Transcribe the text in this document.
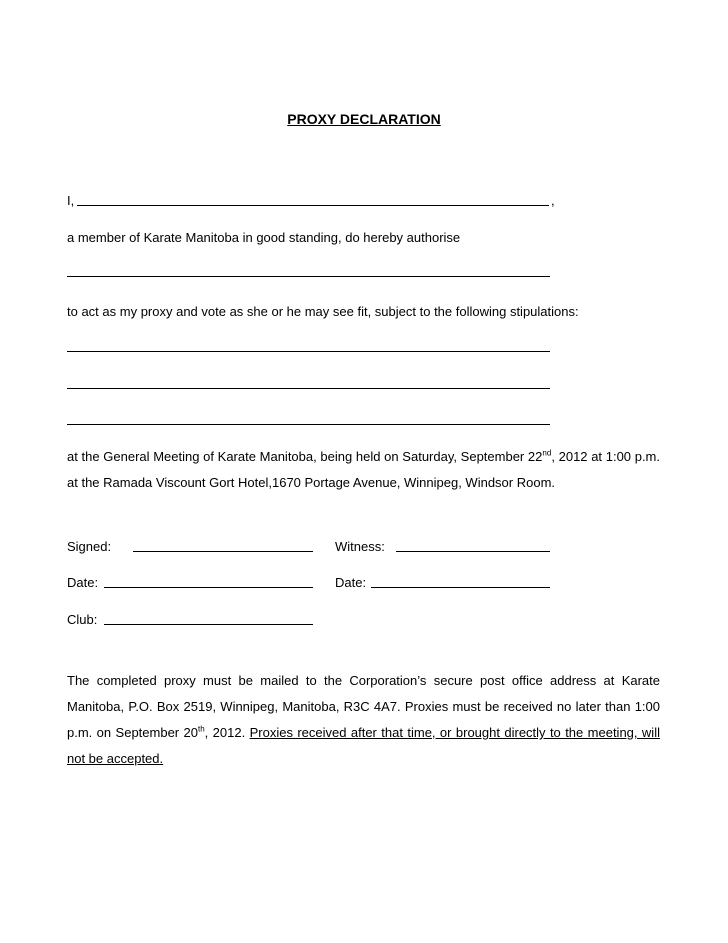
PROXY DECLARATION
I,	,
a member of Karate Manitoba in good standing, do hereby authorise
to act as my proxy and vote as she or he may see fit, subject to the following stipulations:
at the General Meeting of Karate Manitoba, being held on Saturday, September 22nd, 2012 at 1:00 p.m. at the Ramada Viscount Gort Hotel,1670 Portage Avenue, Winnipeg, Windsor Room.
Signed:	Witness:
Date:	Date:
Club:
The completed proxy must be mailed to the Corporation’s secure post office address at Karate Manitoba, P.O. Box 2519, Winnipeg, Manitoba, R3C 4A7. Proxies must be received no later than 1:00 p.m. on September 20th, 2012. Proxies received after that time, or brought directly to the meeting, will not be accepted.
